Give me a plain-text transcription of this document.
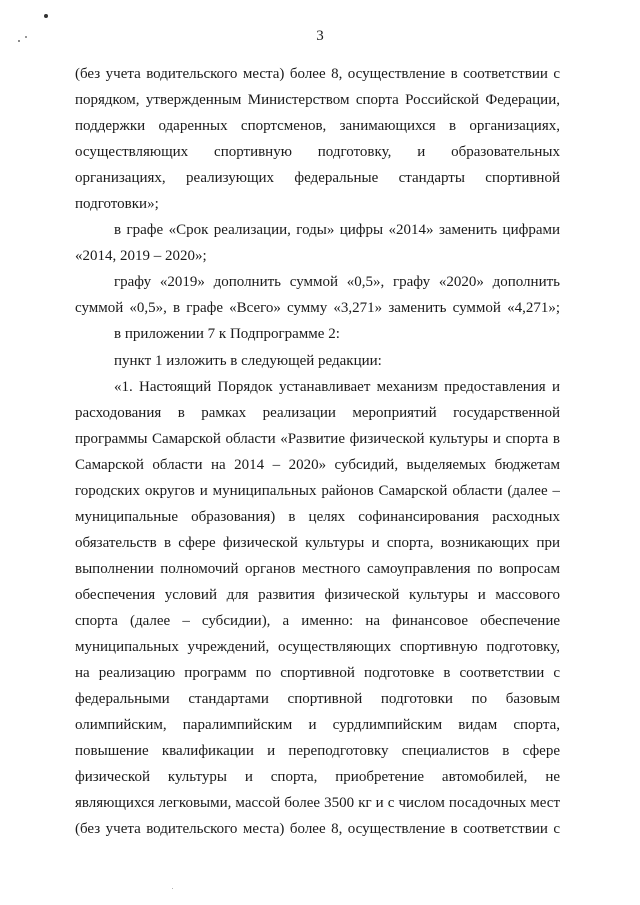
3
(без учета водительского места) более 8, осуществление в соответствии с
порядком, утвержденным Министерством спорта Российской Федерации,
поддержки одаренных спортсменов, занимающихся в организациях,
осуществляющих спортивную подготовку, и образовательных
организациях, реализующих федеральные стандарты спортивной
подготовки»;
в графе «Срок реализации, годы» цифры «2014» заменить цифрами
«2014, 2019 – 2020»;
графу «2019» дополнить суммой «0,5», графу «2020» дополнить
суммой «0,5», в графе «Всего» сумму «3,271» заменить суммой «4,271»;
в приложении 7 к Подпрограмме 2:
пункт 1 изложить в следующей редакции:
«1. Настоящий Порядок устанавливает механизм предоставления и
расходования в рамках реализации мероприятий государственной
программы Самарской области «Развитие физической культуры и спорта в
Самарской области на 2014 – 2020» субсидий, выделяемых бюджетам
городских округов и муниципальных районов Самарской области (далее –
муниципальные образования) в целях софинансирования расходных
обязательств в сфере физической культуры и спорта, возникающих при
выполнении полномочий органов местного самоуправления по вопросам
обеспечения условий для развития физической культуры и массового
спорта (далее – субсидии), а именно: на финансовое обеспечение
муниципальных учреждений, осуществляющих спортивную подготовку,
на реализацию программ по спортивной подготовке в соответствии с
федеральными стандартами спортивной подготовки по базовым
олимпийским, паралимпийским и сурдлимпийским видам спорта,
повышение квалификации и переподготовку специалистов в сфере
физической культуры и спорта, приобретение автомобилей, не
являющихся легковыми, массой более 3500 кг и с числом посадочных мест
(без учета водительского места) более 8, осуществление в соответствии с
